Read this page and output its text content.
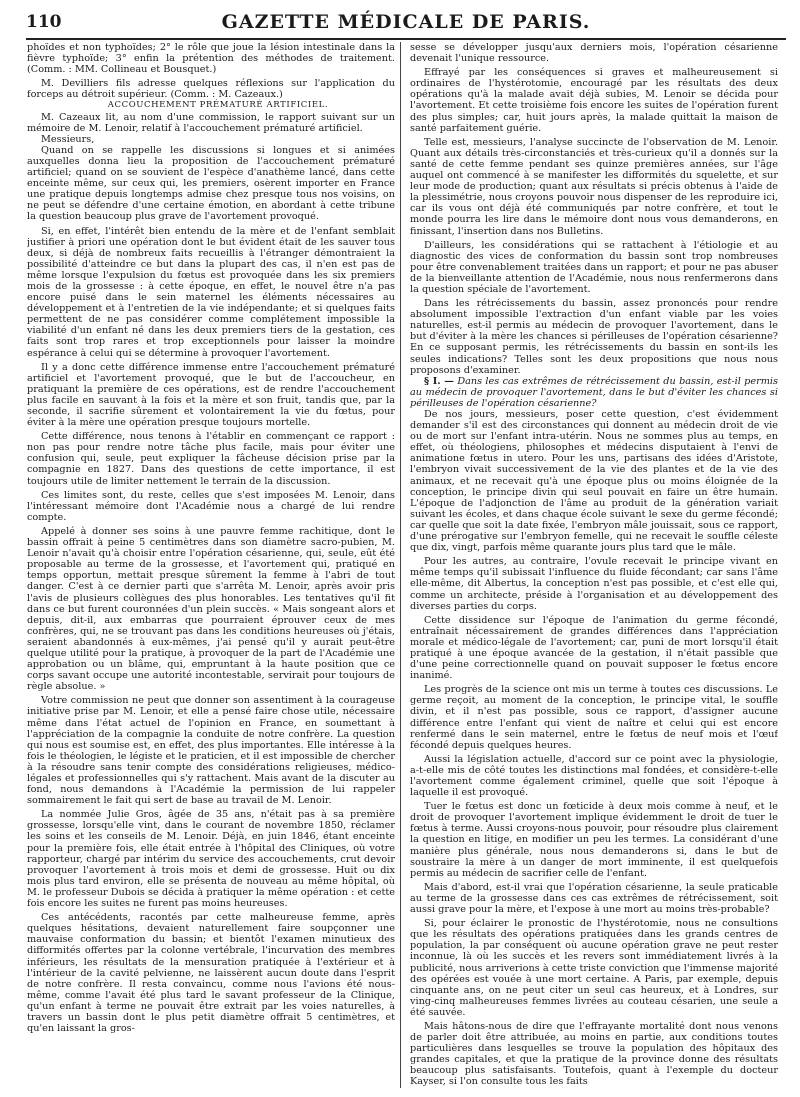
110	GAZETTE MÉDICALE DE PARIS.

phoïdes et non typhoïdes; 2° le rôle que joue la lésion intestinale dans la fièvre typhoïde; 3° enfin la prétention des méthodes de traitement. (Comm. : MM. Collineau et Bousquet.)

M. Devilliers fils adresse quelques réflexions sur l'application du forceps au détroit supérieur. (Comm. : M. Cazeaux.)

ACCOUCHEMENT PRÉMATURÉ ARTIFICIEL.

M. Cazeaux lit, au nom d'une commission, le rapport suivant sur un mémoire de M. Lenoir, relatif à l'accouchement prématuré artificiel.

Messieurs,

Quand on se rappelle les discussions si longues et si animées auxquelles donna lieu la proposition de l'accouchement prématuré artificiel; quand on se souvient de l'espèce d'anathème lancé, dans cette enceinte même, sur ceux qui, les premiers, osèrent importer en France une pratique depuis longtemps admise chez presque tous nos voisins, on ne peut se défendre d'une certaine émotion, en abordant à cette tribune la question beaucoup plus grave de l'avortement provoqué.

Si, en effet, l'intérêt bien entendu de la mère et de l'enfant semblait justifier à priori une opération dont le but évident était de les sauver tous deux, si déjà de nombreux faits recueillis à l'étranger démontraient la possibilité d'atteindre ce but dans la plupart des cas, il n'en est pas de même lorsque l'expulsion du fœtus est provoquée dans les six premiers mois de la grossesse : à cette époque, en effet, le nouvel être n'a pas encore puisé dans le sein maternel les éléments nécessaires au développement et à l'entretien de la vie indépendante; et si quelques faits permettent de ne pas considérer comme complétement impossible la viabilité d'un enfant né dans les deux premiers tiers de la gestation, ces faits sont trop rares et trop exceptionnels pour laisser la moindre espérance à celui qui se détermine à provoquer l'avortement.

Il y a donc cette différence immense entre l'accouchement prématuré artificiel et l'avortement provoqué, que le but de l'accoucheur, en pratiquant la première de ces opérations, est de rendre l'accouchement plus facile en sauvant à la fois et la mère et son fruit, tandis que, par la seconde, il sacrifie sûrement et volontairement la vie du fœtus, pour éviter à la mère une opération presque toujours mortelle.

Cette différence, nous tenons à l'établir en commençant ce rapport : non pas pour rendre notre tâche plus facile, mais pour éviter une confusion qui, seule, peut expliquer la fâcheuse décision prise par la compagnie en 1827. Dans des questions de cette importance, il est toujours utile de limiter nettement le terrain de la discussion.

Ces limites sont, du reste, celles que s'est imposées M. Lenoir, dans l'intéressant mémoire dont l'Académie nous a chargé de lui rendre compte.

Appelé à donner ses soins à une pauvre femme rachitique, dont le bassin offrait à peine 5 centimètres dans son diamètre sacro-pubien, M. Lenoir n'avait qu'à choisir entre l'opération césarienne, qui, seule, eût été proposable au terme de la grossesse, et l'avortement qui, pratiqué en temps opportun, mettait presque sûrement la femme à l'abri de tout danger. C'est à ce dernier parti que s'arrêta M. Lenoir, après avoir pris l'avis de plusieurs collègues des plus honorables. Les tentatives qu'il fit dans ce but furent couronnées d'un plein succès. « Mais songeant alors et depuis, dit-il, aux embarras que pourraient éprouver ceux de mes confrères, qui, ne se trouvant pas dans les conditions heureuses où j'étais, seraient abandonnés à eux-mêmes, j'ai pensé qu'il y aurait peut-être quelque utilité pour la pratique, à provoquer de la part de l'Académie une approbation ou un blâme, qui, empruntant à la haute position que ce corps savant occupe une autorité incontestable, servirait pour toujours de règle absolue. »

Votre commission ne peut que donner son assentiment à la courageuse initiative prise par M. Lenoir, et elle a pensé faire chose utile, nécessaire même dans l'état actuel de l'opinion en France, en soumettant à l'appréciation de la compagnie la conduite de notre confrère. La question qui nous est soumise est, en effet, des plus importantes. Elle intéresse à la fois le théologien, le légiste et le praticien, et il est impossible de chercher à la résoudre sans tenir compte des considérations religieuses, médico-légales et professionnelles qui s'y rattachent. Mais avant de la discuter au fond, nous demandons à l'Académie la permission de lui rappeler sommairement le fait qui sert de base au travail de M. Lenoir.

La nommée Julie Gros, âgée de 35 ans, n'était pas à sa première grossesse, lorsqu'elle vint, dans le courant de novembre 1850, réclamer les soins et les conseils de M. Lenoir. Déjà, en juin 1846, étant enceinte pour la première fois, elle était entrée à l'hôpital des Cliniques, où votre rapporteur, chargé par intérim du service des accouchements, crut devoir provoquer l'avortement à trois mois et demi de grossesse. Huit ou dix mois plus tard environ, elle se présenta de nouveau au même hôpital, où M. le professeur Dubois se décida à pratiquer la même opération : et cette fois encore les suites ne furent pas moins heureuses.

Ces antécédents, racontés par cette malheureuse femme, après quelques hésitations, devaient naturellement faire soupçonner une mauvaise conformation du bassin; et bientôt l'examen minutieux des difformités offertes par la colonne vertébrale, l'incurvation des membres inférieurs, les résultats de la mensuration pratiquée à l'extérieur et à l'intérieur de la cavité pelvienne, ne laissèrent aucun doute dans l'esprit de notre confrère. Il resta convaincu, comme nous l'avions été nous-même, comme l'avait été plus tard le savant professeur de la Clinique, qu'un enfant à terme ne pouvait être extrait par les voies naturelles, à travers un bassin dont le plus petit diamètre offrait 5 centimètres, et qu'en laissant la gros-

sesse se développer jusqu'aux derniers mois, l'opération césarienne devenait l'unique ressource.

Effrayé par les conséquences si graves et malheureusement si ordinaires de l'hystérotomie, encouragé par les résultats des deux opérations qu'à la malade avait déjà subies, M. Lenoir se décida pour l'avortement. Et cette troisième fois encore les suites de l'opération furent des plus simples; car, huit jours après, la malade quittait la maison de santé parfaitement guérie.

Telle est, messieurs, l'analyse succincte de l'observation de M. Lenoir. Quant aux détails très-circonstanciés et très-curieux qu'il a donnés sur la santé de cette femme pendant ses quinze premières années, sur l'âge auquel ont commencé à se manifester les difformités du squelette, et sur leur mode de production; quant aux résultats si précis obtenus à l'aide de la plessimétrie, nous croyons pouvoir nous dispenser de les reproduire ici, car ils vous ont déjà été communiqués par notre confrère, et tout le monde pourra les lire dans le mémoire dont nous vous demanderons, en finissant, l'insertion dans nos Bulletins.

D'ailleurs, les considérations qui se rattachent à l'étiologie et au diagnostic des vices de conformation du bassin sont trop nombreuses pour être convenablement traitées dans un rapport; et pour ne pas abuser de la bienveillante attention de l'Académie, nous nous renfermerons dans la question spéciale de l'avortement.

Dans les rétrécissements du bassin, assez prononcés pour rendre absolument impossible l'extraction d'un enfant viable par les voies naturelles, est-il permis au médecin de provoquer l'avortement, dans le but d'éviter à la mère les chances si périlleuses de l'opération césarienne? En ce supposant permis, les rétrécissements du bassin en sont-ils les seules indications? Telles sont les deux propositions que nous nous proposons d'examiner.

§ I. — Dans les cas extrêmes de rétrécissement du bassin, est-il permis au médecin de provoquer l'avortement, dans le but d'éviter les chances si périlleuses de l'opération césarienne?

De nos jours, messieurs, poser cette question, c'est évidemment demander s'il est des circonstances qui donnent au médecin droit de vie ou de mort sur l'enfant intra-utérin. Nous ne sommes plus au temps, en effet, où théologiens, philosophes et médecins disputaient à l'envi de animatione fœtus in utero. Pour les uns, partisans des idées d'Aristote, l'embryon vivait successivement de la vie des plantes et de la vie des animaux, et ne recevait qu'à une époque plus ou moins éloignée de la conception, le principe divin qui seul pouvait en faire un être humain. L'époque de l'adjonction de l'âme au produit de la génération variait suivant les écoles, et dans chaque école suivant le sexe du germe fécondé; car quelle que soit la date fixée, l'embryon mâle jouissait, sous ce rapport, d'une prérogative sur l'embryon femelle, qui ne recevait le souffle céleste que dix, vingt, parfois même quarante jours plus tard que le mâle.

Pour les autres, au contraire, l'ovule recevait le principe vivant en même temps qu'il subissait l'influence du fluide fécondant; car sans l'âme elle-même, dit Albertus, la conception n'est pas possible, et c'est elle qui, comme un architecte, préside à l'organisation et au développement des diverses parties du corps.

Cette dissidence sur l'époque de l'animation du germe fécondé, entraînait nécessairement de grandes différences dans l'appréciation morale et médico-légale de l'avortement; car, puni de mort lorsqu'il était pratiqué à une époque avancée de la gestation, il n'était passible que d'une peine correctionnelle quand on pouvait supposer le fœtus encore inanimé.

Les progrès de la science ont mis un terme à toutes ces discussions. Le germe reçoit, au moment de la conception, le principe vital, le souffle divin, et il n'est pas possible, sous ce rapport, d'assigner aucune différence entre l'enfant qui vient de naître et celui qui est encore renfermé dans le sein maternel, entre le fœtus de neuf mois et l'œuf fécondé depuis quelques heures.

Aussi la législation actuelle, d'accord sur ce point avec la physiologie, a-t-elle mis de côté toutes les distinctions mal fondées, et considère-t-elle l'avortement comme également criminel, quelle que soit l'époque à laquelle il est provoqué.

Tuer le fœtus est donc un fœticide à deux mois comme à neuf, et le droit de provoquer l'avortement implique évidemment le droit de tuer le fœtus à terme. Aussi croyons-nous pouvoir, pour résoudre plus clairement la question en litige, en modifier un peu les termes. La considérant d'une manière plus générale, nous nous demanderons si, dans le but de soustraire la mère à un danger de mort imminente, il est quelquefois permis au médecin de sacrifier celle de l'enfant.

Mais d'abord, est-il vrai que l'opération césarienne, la seule praticable au terme de la grossesse dans ces cas extrêmes de rétrécissement, soit aussi grave pour la mère, et l'expose à une mort au moins très-probable?

Si, pour éclairer le pronostic de l'hystérotomie, nous ne consultions que les résultats des opérations pratiquées dans les grands centres de population, la par conséquent où aucune opération grave ne peut rester inconnue, là où les succès et les revers sont immédiatement livrés à la publicité, nous arriverions à cette triste conviction que l'immense majorité des opérées est vouée à une mort certaine. A Paris, par exemple, depuis cinquante ans, on ne peut citer un seul cas heureux, et à Londres, sur ving-cinq malheureuses femmes livrées au couteau césarien, une seule a été sauvée.

Mais hâtons-nous de dire que l'effrayante mortalité dont nous venons de parler doit être attribuée, au moins en partie, aux conditions toutes particulières dans lesquelles se trouve la population des hôpitaux des grandes capitales, et que la pratique de la province donne des résultats beaucoup plus satisfaisants. Toutefois, quant à l'exemple du docteur Kayser, si l'on consulte tous les faits
